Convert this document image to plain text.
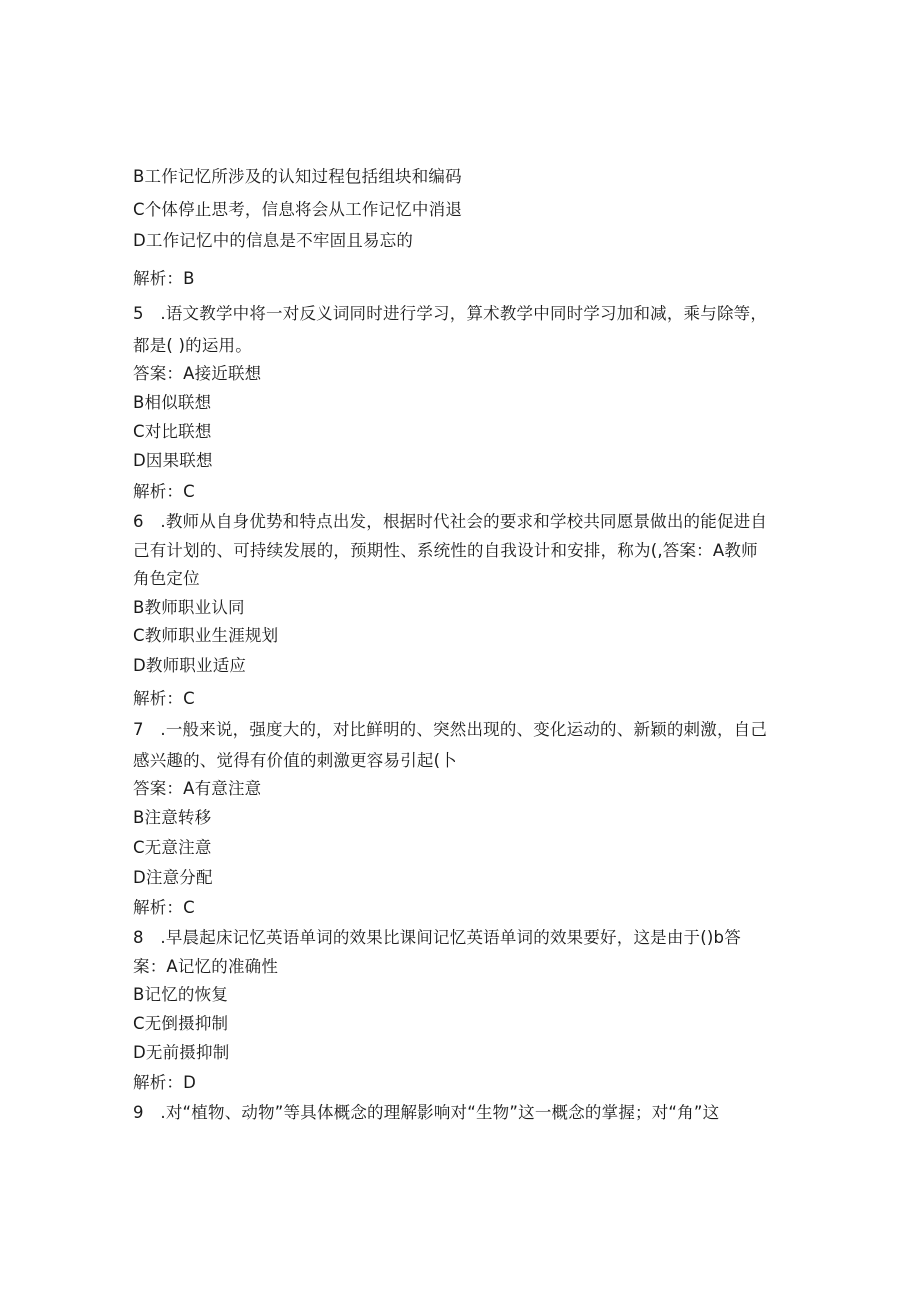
B工作记忆所涉及的认知过程包括组块和编码
C个体停止思考，信息将会从工作记忆中消退
D工作记忆中的信息是不牢固且易忘的
解析：B
5　.语文教学中将一对反义词同时进行学习，算术教学中同时学习加和减，乘与除等，
都是( )的运用。
答案：A接近联想
B相似联想
C对比联想
D因果联想
解析：C
6　.教师从自身优势和特点出发，根据时代社会的要求和学校共同愿景做出的能促进自
己有计划的、可持续发展的，预期性、系统性的自我设计和安排，称为(,答案：A教师
角色定位
B教师职业认同
C教师职业生涯规划
D教师职业适应
解析：C
7　.一般来说，强度大的，对比鲜明的、突然出现的、变化运动的、新颖的刺激，自己
感兴趣的、觉得有价值的刺激更容易引起(卜
答案：A有意注意
B注意转移
C无意注意
D注意分配
解析：C
8　.早晨起床记忆英语单词的效果比课间记忆英语单词的效果要好，这是由于()b答
案：A记忆的准确性
B记忆的恢复
C无倒摄抑制
D无前摄抑制
解析：D
9　.对“植物、动物”等具体概念的理解影响对“生物”这一概念的掌握；对“角”这
